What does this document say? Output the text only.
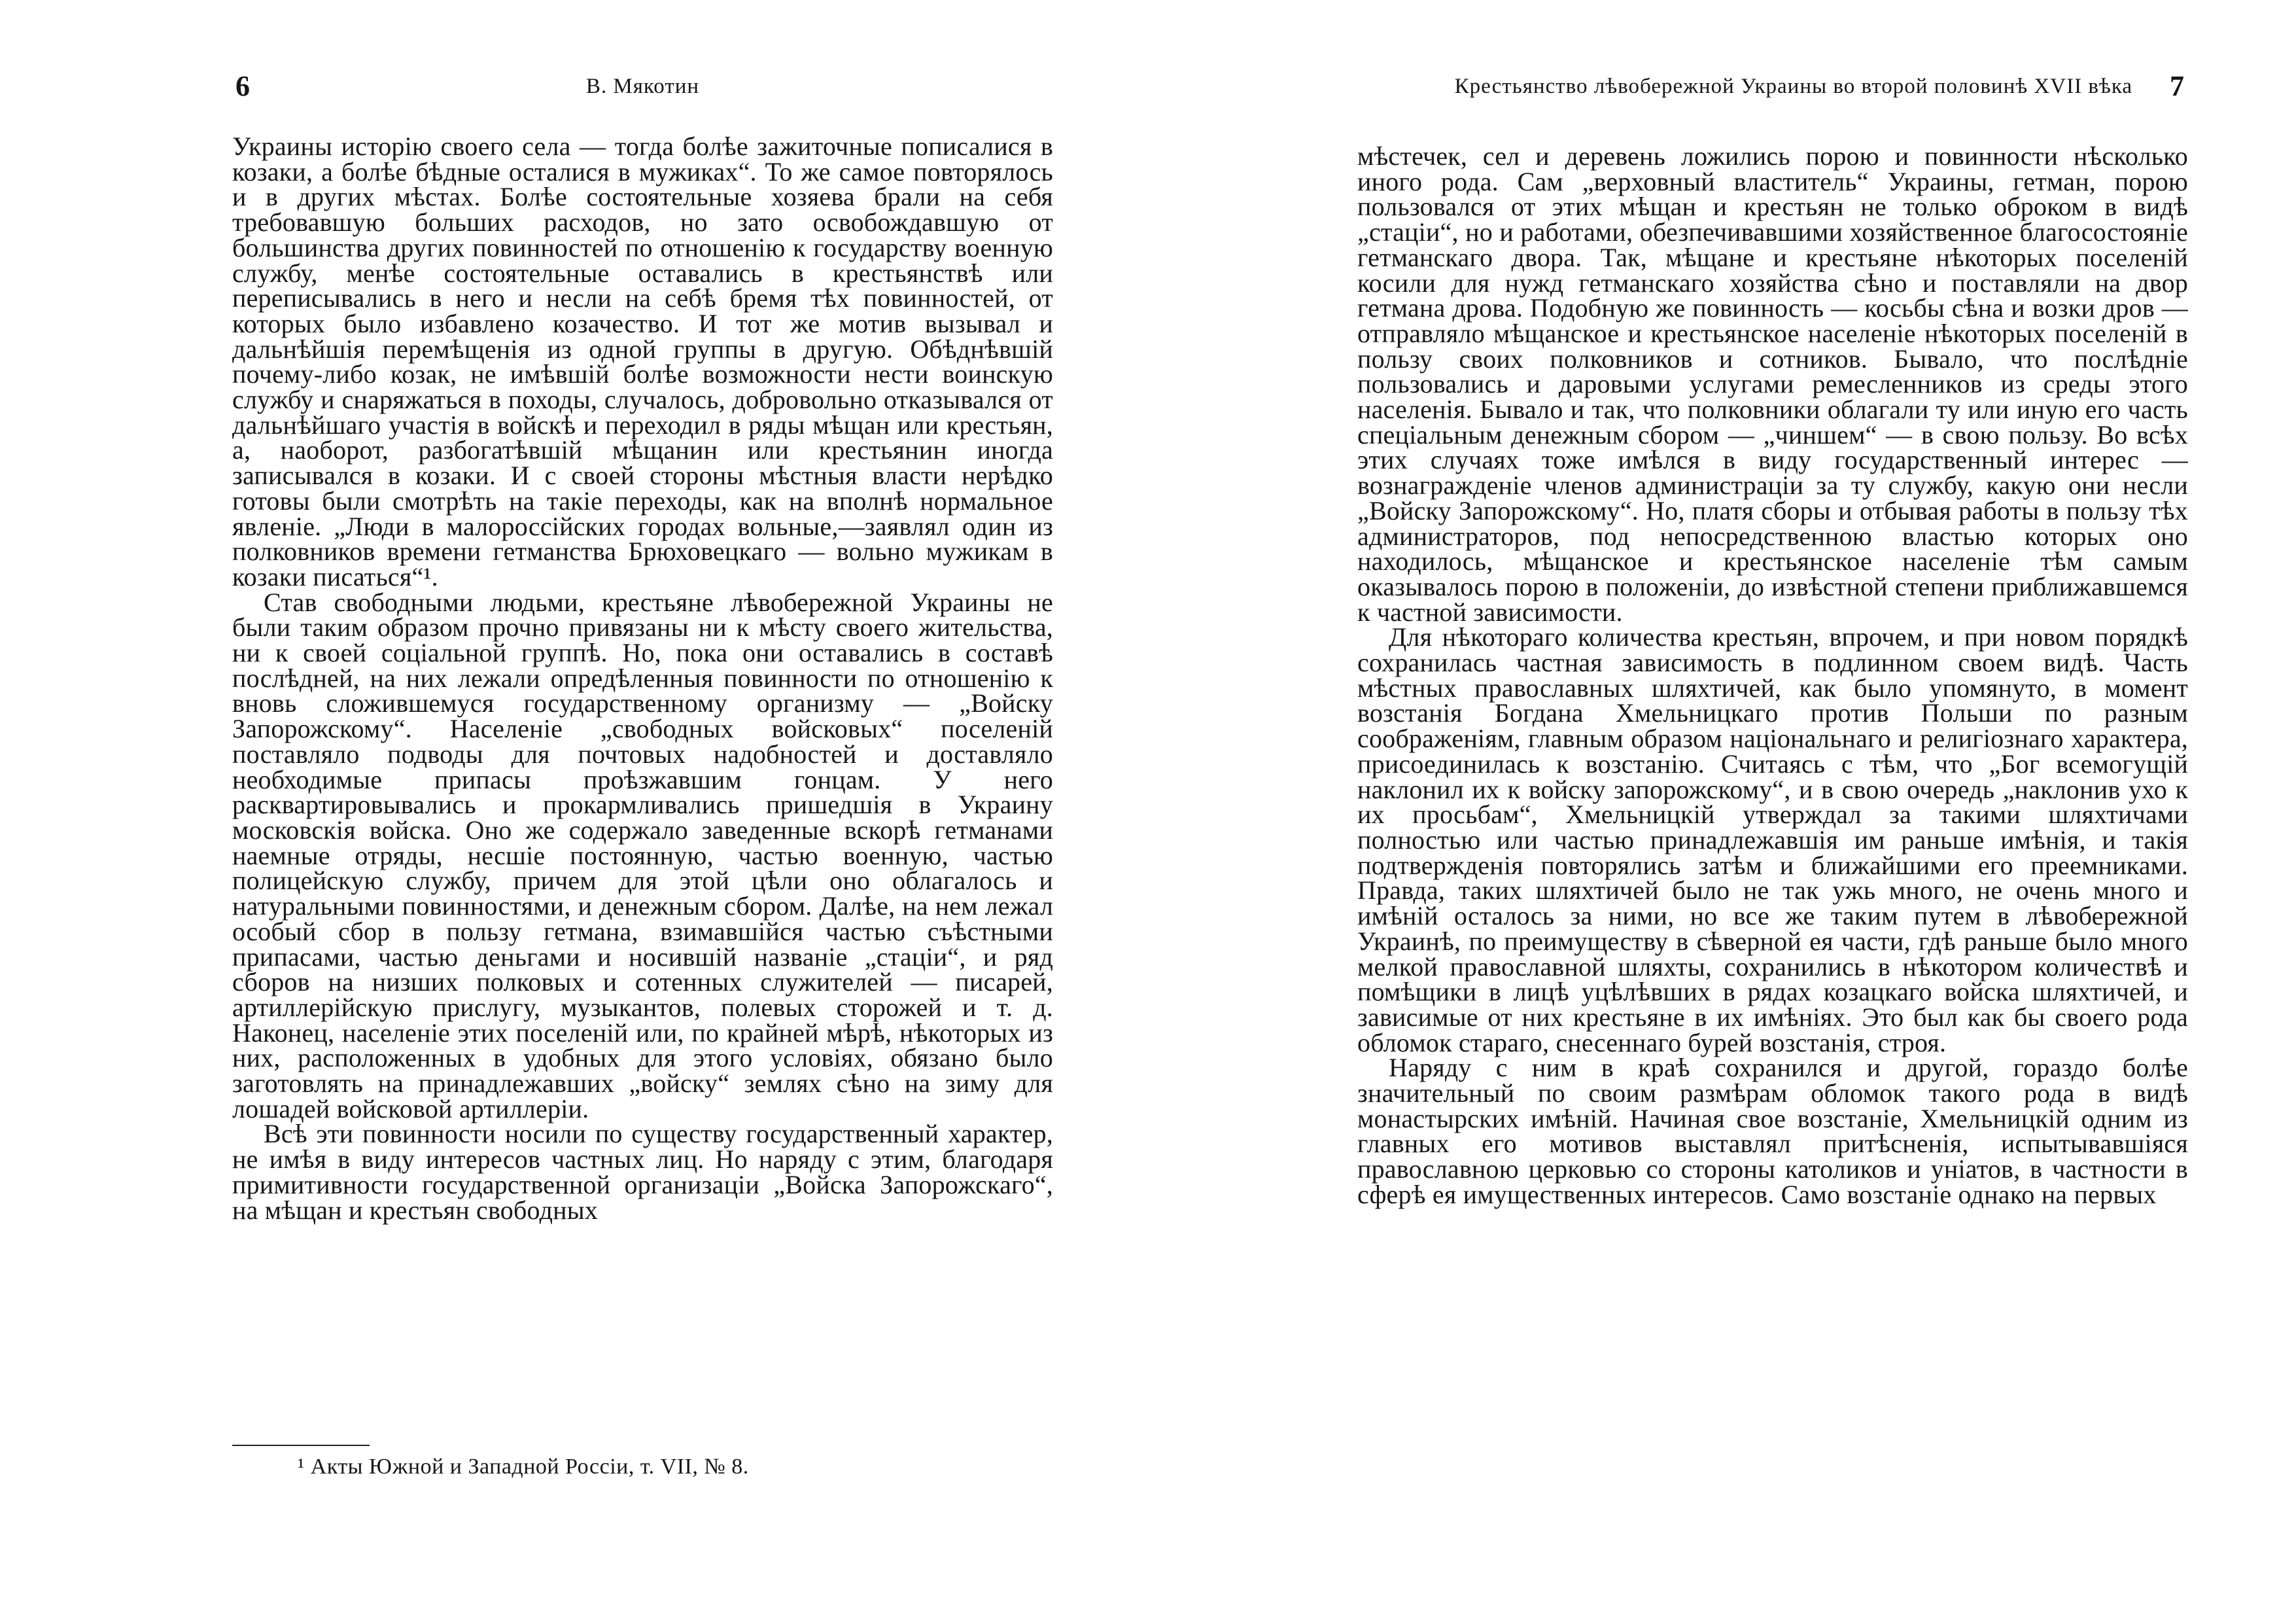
6	В. Мякотин

Украины исторію своего села — тогда болѣе зажиточные пописалися в козаки, а болѣе бѣдные осталися в мужиках“. То же самое повторялось и в других мѣстах. Болѣе состоятельные хозяева брали на себя требовавшую больших расходов, но зато освобождавшую от большинства других повинностей по отношенію к государству военную службу, менѣе состоятельные оставались в крестьянствѣ или переписывались в него и несли на себѣ бремя тѣх повинностей, от которых было избавлено козачество. И тот же мотив вызывал и дальнѣйшія перемѣщенія из одной группы в другую. Обѣднѣвшій почему-либо козак, не имѣвшій болѣе возможности нести воинскую службу и снаряжаться в походы, случалось, добровольно отказывался от дальнѣйшаго участія в войскѣ и переходил в ряды мѣщан или крестьян, а, наоборот, разбогатѣвшій мѣщанин или крестьянин иногда записывался в козаки. И с своей стороны мѣстныя власти нерѣдко готовы были смотрѣть на такіе переходы, как на вполнѣ нормальное явленіе. „Люди в малороссійских городах вольные,—заявлял один из полковников времени гетманства Брюховецкаго — вольно мужикам в козаки писаться“¹.

Став свободными людьми, крестьяне лѣвобережной Украины не были таким образом прочно привязаны ни к мѣсту своего жительства, ни к своей соціальной группѣ. Но, пока они оставались в составѣ послѣдней, на них лежали опредѣленныя повинности по отношенію к вновь сложившемуся государственному организму — „Войску Запорожскому“. Населеніе „свободных войсковых“ поселеній поставляло подводы для почтовых надобностей и доставляло необходимые припасы проѣзжавшим гонцам. У него расквартировывались и прокармливались пришедшія в Украину московскія войска. Оно же содержало заведенные вскорѣ гетманами наемные отряды, несшіе постоянную, частью военную, частью полицейскую службу, причем для этой цѣли оно облагалось и натуральными повинностями, и денежным сбором. Далѣе, на нем лежал особый сбор в пользу гетмана, взимавшійся частью съѣстными припасами, частью деньгами и носившій названіе „стаціи“, и ряд сборов на низших полковых и сотенных служителей — писарей, артиллерійскую прислугу, музыкантов, полевых сторожей и т. д. Наконец, населеніе этих поселеній или, по крайней мѣрѣ, нѣкоторых из них, расположенных в удобных для этого условіях, обязано было заготовлять на принадлежавших „войску“ землях сѣно на зиму для лошадей войсковой артиллеріи.

Всѣ эти повинности носили по существу государственный характер, не имѣя в виду интересов частных лиц. Но наряду с этим, благодаря примитивности государственной организаціи „Войска Запорожскаго“, на мѣщан и крестьян свободных

¹ Акты Южной и Западной Россіи, т. VII, № 8.
Крестьянство лѣвобережной Украины во второй половинѣ XVII вѣка 7

мѣстечек, сел и деревень ложились порою и повинности нѣсколько иного рода. Сам „верховный властитель“ Украины, гетман, порою пользовался от этих мѣщан и крестьян не только оброком в видѣ „стаціи“, но и работами, обезпечивавшими хозяйственное благосостояніе гетманскаго двора. Так, мѣщане и крестьяне нѣкоторых поселеній косили для нужд гетманскаго хозяйства сѣно и поставляли на двор гетмана дрова. Подобную же повинность — косьбы сѣна и возки дров — отправляло мѣщанское и крестьянское населеніе нѣкоторых поселеній в пользу своих полковников и сотников. Бывало, что послѣдніе пользовались и даровыми услугами ремесленников из среды этого населенія. Бывало и так, что полковники облагали ту или иную его часть спеціальным денежным сбором — „чиншем“ — в свою пользу. Во всѣх этих случаях тоже имѣлся в виду государственный интерес — вознагражденіе членов администраціи за ту службу, какую они несли „Войску Запорожскому“. Но, платя сборы и отбывая работы в пользу тѣх администраторов, под непосредственною властью которых оно находилось, мѣщанское и крестьянское населеніе тѣм самым оказывалось порою в положеніи, до извѣстной степени приближавшемся к частной зависимости.

Для нѣкотораго количества крестьян, впрочем, и при новом порядкѣ сохранилась частная зависимость в подлинном своем видѣ. Часть мѣстных православных шляхтичей, как было упомянуто, в момент возстанія Богдана Хмельницкаго против Польши по разным соображеніям, главным образом національнаго и религіознаго характера, присоединилась к возстанію. Считаясь с тѣм, что „Бог всемогущій наклонил их к войску запорожскому“, и в свою очередь „наклонив ухо к их просьбам“, Хмельницкій утверждал за такими шляхтичами полностью или частью принадлежавшія им раньше имѣнія, и такія подтвержденія повторялись затѣм и ближайшими его преемниками. Правда, таких шляхтичей было не так ужь много, не очень много и имѣній осталось за ними, но все же таким путем в лѣвобережной Украинѣ, по преимуществу в сѣверной ея части, гдѣ раньше было много мелкой православной шляхты, сохранились в нѣкотором количествѣ и помѣщики в лицѣ уцѣлѣвших в рядах козацкаго войска шляхтичей, и зависимые от них крестьяне в их имѣніях. Это был как бы своего рода обломок стараго, снесеннаго бурей возстанія, строя.

Наряду с ним в краѣ сохранился и другой, гораздо болѣе значительный по своим размѣрам обломок такого рода в видѣ монастырских имѣній. Начиная свое возстаніе, Хмельницкій одним из главных его мотивов выставлял притѣсненія, испытывавшіяся православною церковью со стороны католиков и уніатов, в частности в сферѣ ея имущественных интересов. Само возстаніе однако на первых
